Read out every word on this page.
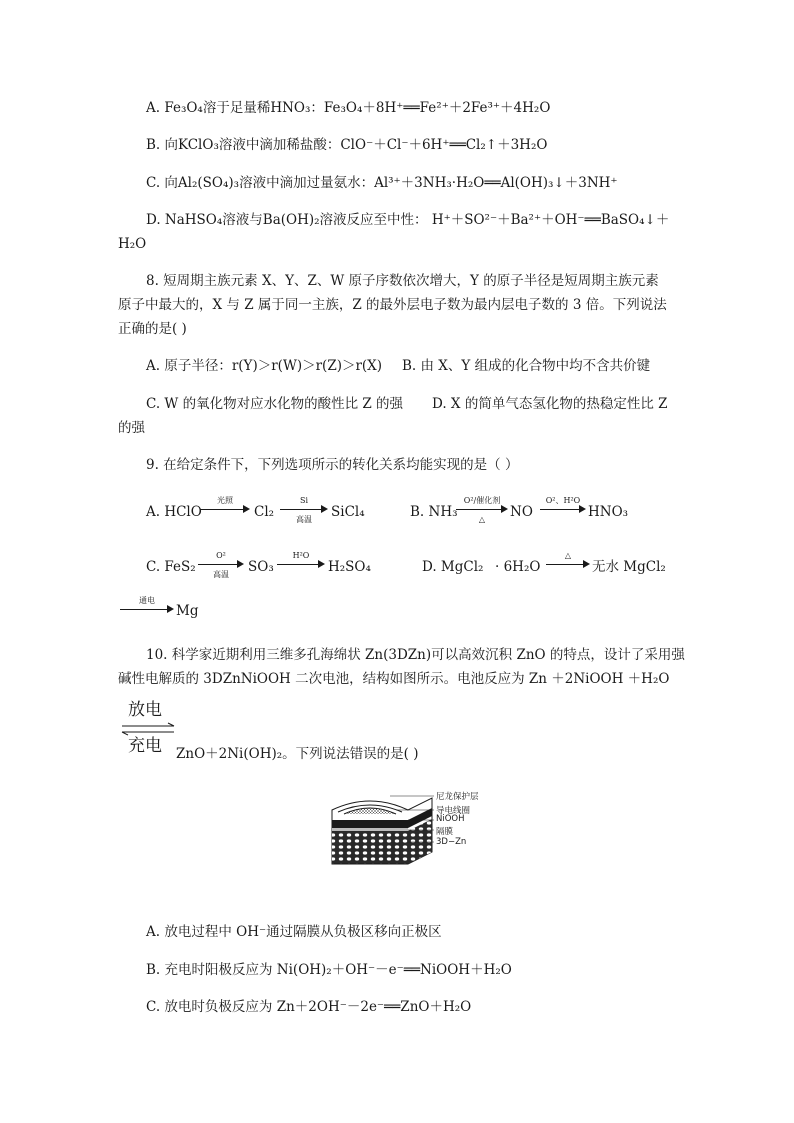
A. Fe₃O₄溶于足量稀HNO₃：Fe₃O₄＋8H⁺══Fe²⁺＋2Fe³⁺＋4H₂O
B. 向KClO₃溶液中滴加稀盐酸：ClO⁻＋Cl⁻＋6H⁺══Cl₂↑＋3H₂O
C. 向Al₂(SO₄)₃溶液中滴加过量氨水：Al³⁺＋3NH₃·H₂O══Al(OH)₃↓＋3NH⁺
D. NaHSO₄溶液与Ba(OH)₂溶液反应至中性： H⁺＋SO²⁻＋Ba²⁺＋OH⁻══BaSO₄↓＋
H₂O
8. 短周期主族元素 X、Y、Z、W 原子序数依次增大，Y 的原子半径是短周期主族元素
原子中最大的，X 与 Z 属于同一主族，Z 的最外层电子数为最内层电子数的 3 倍。下列说法
正确的是( )
A. 原子半径：r(Y)＞r(W)＞r(Z)＞r(X) B. 由 X、Y 组成的化合物中均不含共价键
C. W 的氧化物对应水化物的酸性比 Z 的强 D. X 的简单气态氢化物的热稳定性比 Z
的强
9. 在给定条件下，下列选项所示的转化关系均能实现的是（ ）
A. HClO
光照
Cl₂
Si
高温	SiCl₄	B. NH₃
O²/催化剂
△	NO
O²、H²O
HNO₃
C. FeS₂
O²
高温	SO₃
H²O
H₂SO₄	D. MgCl₂ · 6H₂O
△
无水 MgCl₂
通电
Mg
10. 科学家近期利用三维多孔海绵状 Zn(3DZn)可以高效沉积 ZnO 的特点，设计了采用强
碱性电解质的 3DZnNiOOH 二次电池，结构如图所示。电池反应为 Zn ＋2NiOOH ＋H₂O
放电
充电 ZnO＋2Ni(OH)₂。下列说法错误的是( )
尼龙保护层
导电线圈
NiOOH
隔膜
3D−Zn
A. 放电过程中 OH⁻通过隔膜从负极区移向正极区
B. 充电时阳极反应为 Ni(OH)₂＋OH⁻－e⁻══NiOOH＋H₂O
C. 放电时负极反应为 Zn＋2OH⁻－2e⁻══ZnO＋H₂O
